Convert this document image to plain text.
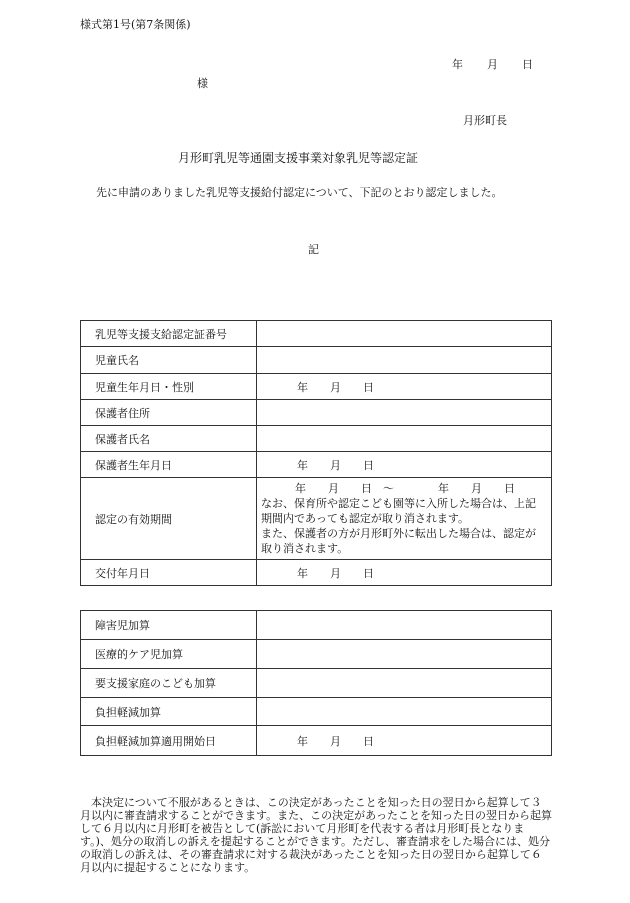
様式第1号(第7条関係)
年 月 日
様
月形町長
月形町乳児等通園支援事業対象乳児等認定証
先に申請のありました乳児等支援給付認定について、下記のとおり認定しました。
記
乳児等支援支給認定証番号	
児童氏名	
児童生年月日・性別	年　　月　　日
保護者住所	
保護者氏名	
保護者生年月日	年　　月　　日
認定の有効期間	年　　月　　日　〜　　　　年　　月　　日
なお、保育所や認定こども園等に入所した場合は、上記期間内であっても認定が取り消されます。
また、保護者の方が月形町外に転出した場合は、認定が取り消されます。

交付年月日	年　　月　　日
障害児加算	
医療的ケア児加算	
要支援家庭のこども加算	
負担軽減加算	
負担軽減加算適用開始日	年　　月　　日
本決定について不服があるときは、この決定があったことを知った日の翌日から起算して３月以内に審査請求することができます。また、この決定があったことを知った日の翌日から起算して６月以内に月形町を被告として(訴訟において月形町を代表する者は月形町長となります。)、処分の取消しの訴えを提起することができます。ただし、審査請求をした場合には、処分の取消しの訴えは、その審査請求に対する裁決があったことを知った日の翌日から起算して６月以内に提起することになります。
